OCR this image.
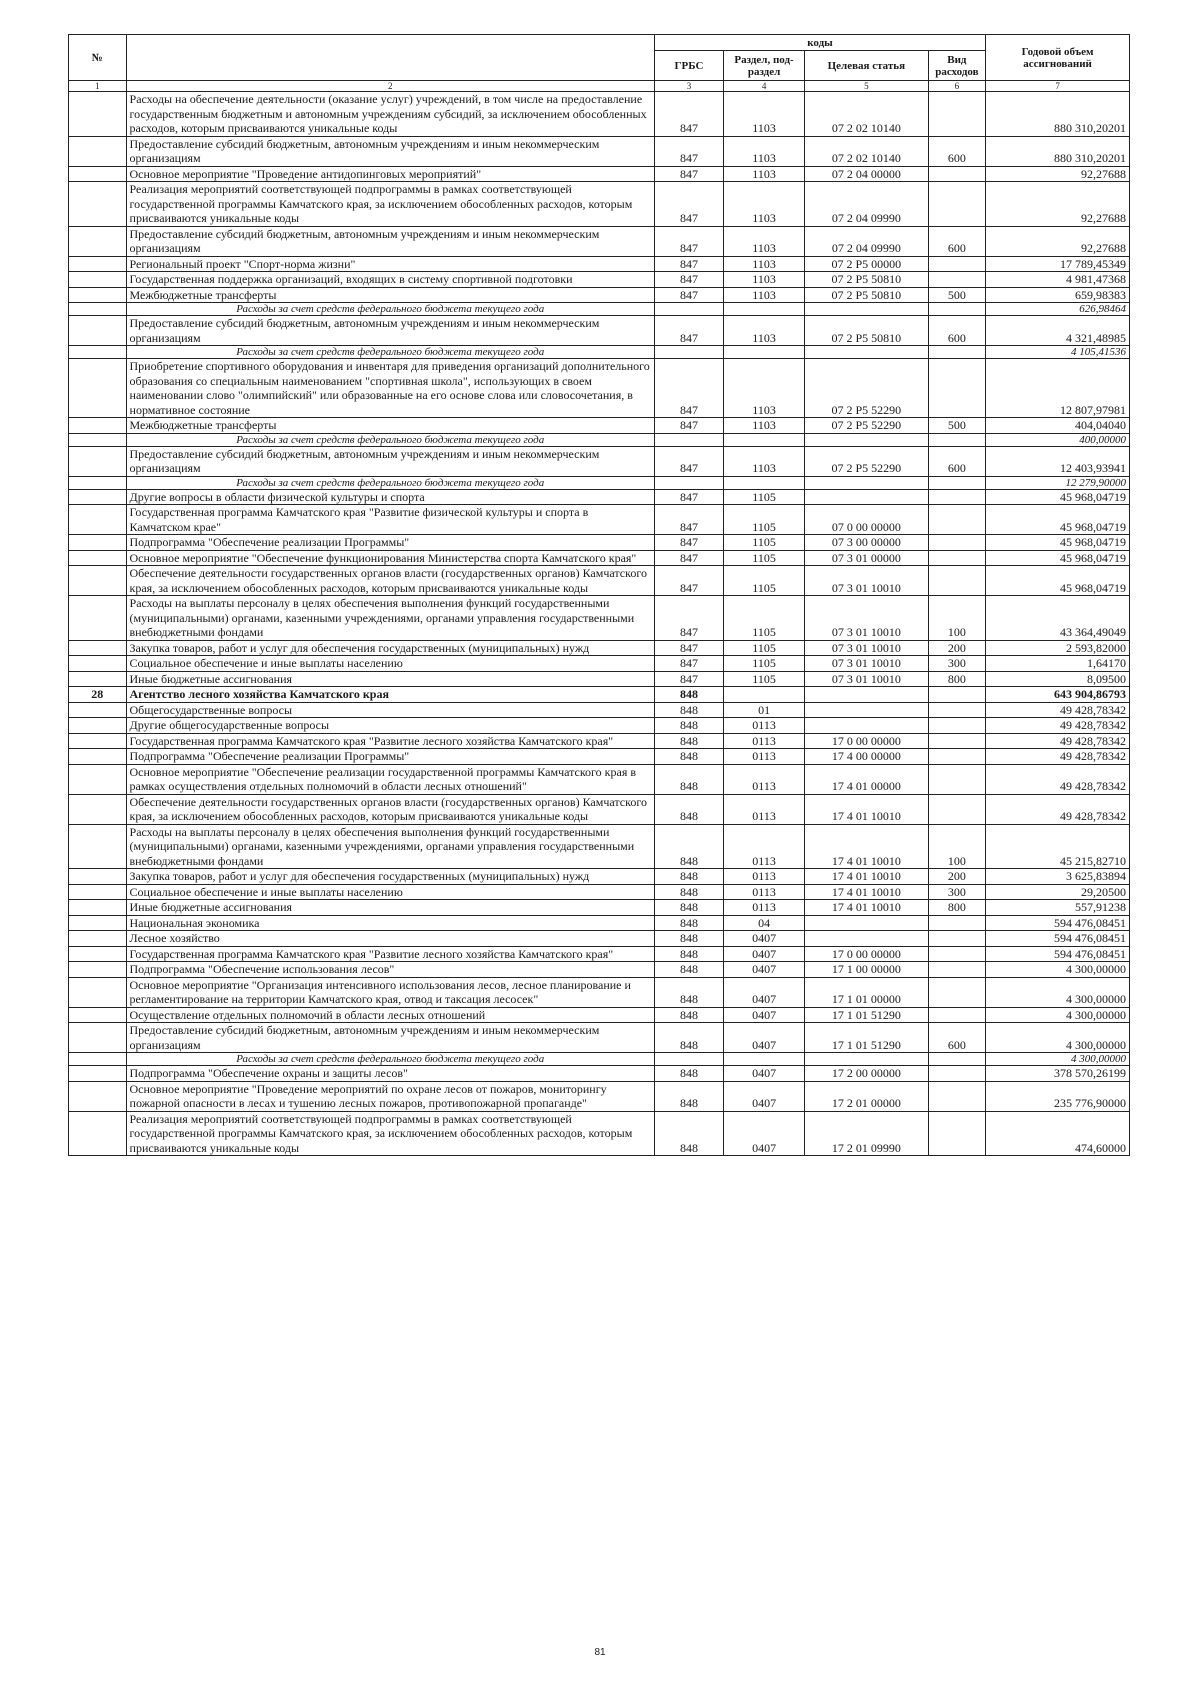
№		коды				Годовой объем ассигнований
		ГРБС	Раздел, под-раздел	Целевая статья	Вид расходов	
1	2	3	4	5	6	7
	Расходы на обеспечение деятельности (оказание услуг) учреждений, в том числе на предоставление государственным бюджетным и автономным учреждениям субсидий, за исключением обособленных расходов, которым присваиваются уникальные коды	847	1103	07 2 02 10140		880 310,20201
	Предоставление субсидий бюджетным, автономным учреждениям и иным некоммерческим организациям	847	1103	07 2 02 10140	600	880 310,20201
	Основное мероприятие "Проведение антидопинговых мероприятий"	847	1103	07 2 04 00000		92,27688
	Реализация мероприятий соответствующей подпрограммы в рамках соответствующей государственной программы Камчатского края, за исключением обособленных расходов, которым присваиваются уникальные коды	847	1103	07 2 04 09990		92,27688
	Предоставление субсидий бюджетным, автономным учреждениям и иным некоммерческим организациям	847	1103	07 2 04 09990	600	92,27688
	Региональный проект "Спорт-норма жизни"	847	1103	07 2 P5 00000		17 789,45349
	Государственная поддержка организаций, входящих в систему спортивной подготовки	847	1103	07 2 P5 50810		4 981,47368
	Межбюджетные трансферты	847	1103	07 2 P5 50810	500	659,98383
	Расходы за счет средств федерального бюджета текущего года					626,98464
	Предоставление субсидий бюджетным, автономным учреждениям и иным некоммерческим организациям	847	1103	07 2 P5 50810	600	4 321,48985
	Расходы за счет средств федерального бюджета текущего года					4 105,41536
	Приобретение спортивного оборудования и инвентаря для приведения организаций дополнительного образования со специальным наименованием "спортивная школа", использующих в своем наименовании слово "олимпийский" или образованные на его основе слова или словосочетания, в нормативное состояние	847	1103	07 2 P5 52290		12 807,97981
	Межбюджетные трансферты	847	1103	07 2 P5 52290	500	404,04040
	Расходы за счет средств федерального бюджета текущего года					400,00000
	Предоставление субсидий бюджетным, автономным учреждениям и иным некоммерческим организациям	847	1103	07 2 P5 52290	600	12 403,93941
	Расходы за счет средств федерального бюджета текущего года					12 279,90000
	Другие вопросы в области физической культуры и спорта	847	1105			45 968,04719
	Государственная программа Камчатского края "Развитие физической культуры и спорта в Камчатском крае"	847	1105	07 0 00 00000		45 968,04719
	Подпрограмма "Обеспечение реализации Программы"	847	1105	07 3 00 00000		45 968,04719
	Основное мероприятие "Обеспечение функционирования Министерства спорта Камчатского края"	847	1105	07 3 01 00000		45 968,04719
	Обеспечение деятельности государственных органов власти (государственных органов) Камчатского края, за исключением обособленных расходов, которым присваиваются уникальные коды	847	1105	07 3 01 10010		45 968,04719
	Расходы на выплаты персоналу в целях обеспечения выполнения функций государственными (муниципальными) органами, казенными учреждениями, органами управления государственными внебюджетными фондами	847	1105	07 3 01 10010	100	43 364,49049
	Закупка товаров, работ и услуг для обеспечения государственных (муниципальных) нужд	847	1105	07 3 01 10010	200	2 593,82000
	Социальное обеспечение и иные выплаты населению	847	1105	07 3 01 10010	300	1,64170
	Иные бюджетные ассигнования	847	1105	07 3 01 10010	800	8,09500
28	Агентство лесного хозяйства Камчатского края	848				643 904,86793
	Общегосударственные вопросы	848	01			49 428,78342
	Другие общегосударственные вопросы	848	0113			49 428,78342
	Государственная программа Камчатского края "Развитие лесного хозяйства Камчатского края"	848	0113	17 0 00 00000		49 428,78342
	Подпрограмма "Обеспечение реализации Программы"	848	0113	17 4 00 00000		49 428,78342
	Основное мероприятие "Обеспечение реализации государственной программы Камчатского края в рамках осуществления отдельных полномочий в области лесных отношений"	848	0113	17 4 01 00000		49 428,78342
	Обеспечение деятельности государственных органов власти (государственных органов) Камчатского края, за исключением обособленных расходов, которым присваиваются уникальные коды	848	0113	17 4 01 10010		49 428,78342
	Расходы на выплаты персоналу в целях обеспечения выполнения функций государственными (муниципальными) органами, казенными учреждениями, органами управления государственными внебюджетными фондами	848	0113	17 4 01 10010	100	45 215,82710
	Закупка товаров, работ и услуг для обеспечения государственных (муниципальных) нужд	848	0113	17 4 01 10010	200	3 625,83894
	Социальное обеспечение и иные выплаты населению	848	0113	17 4 01 10010	300	29,20500
	Иные бюджетные ассигнования	848	0113	17 4 01 10010	800	557,91238
	Национальная экономика	848	04			594 476,08451
	Лесное хозяйство	848	0407			594 476,08451
	Государственная программа Камчатского края "Развитие лесного хозяйства Камчатского края"	848	0407	17 0 00 00000		594 476,08451
	Подпрограмма "Обеспечение использования лесов"	848	0407	17 1 00 00000		4 300,00000
	Основное мероприятие "Организация интенсивного использования лесов, лесное планирование и регламентирование на территории Камчатского края, отвод и таксация лесосек"	848	0407	17 1 01 00000		4 300,00000
	Осуществление отдельных полномочий в области лесных отношений	848	0407	17 1 01 51290		4 300,00000
	Предоставление субсидий бюджетным, автономным учреждениям и иным некоммерческим организациям	848	0407	17 1 01 51290	600	4 300,00000
	Расходы за счет средств федерального бюджета текущего года					4 300,00000
	Подпрограмма "Обеспечение охраны и защиты лесов"	848	0407	17 2 00 00000		378 570,26199
	Основное мероприятие "Проведение мероприятий по охране лесов от пожаров, мониторингу пожарной опасности в лесах и тушению лесных пожаров, противопожарной пропаганде"	848	0407	17 2 01 00000		235 776,90000
	Реализация мероприятий соответствующей подпрограммы в рамках соответствующей государственной программы Камчатского края, за исключением обособленных расходов, которым присваиваются уникальные коды	848	0407	17 2 01 09990		474,60000
81
